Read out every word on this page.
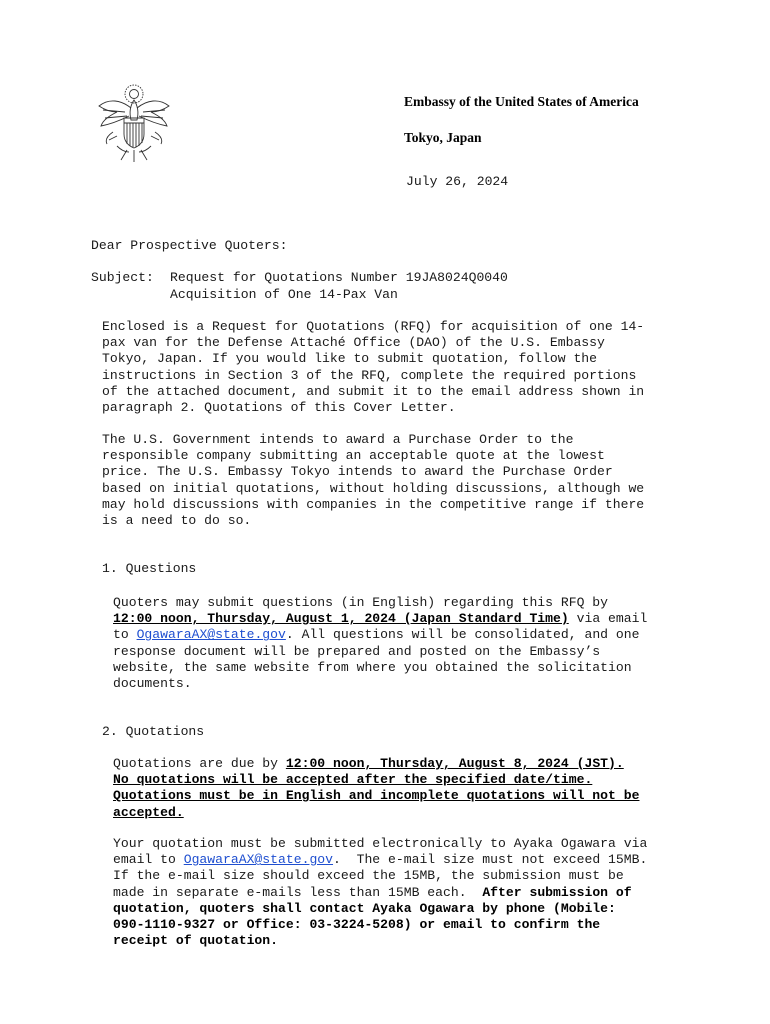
Embassy of the United States of America
Tokyo, Japan
July 26, 2024
Dear Prospective Quoters:
Subject: Request for Quotations Number 19JA8024Q0040
Acquisition of One 14-Pax Van
Enclosed is a Request for Quotations (RFQ) for acquisition of one 14-
pax van for the Defense Attaché Office (DAO) of the U.S. Embassy
Tokyo, Japan. If you would like to submit quotation, follow the
instructions in Section 3 of the RFQ, complete the required portions
of the attached document, and submit it to the email address shown in
paragraph 2. Quotations of this Cover Letter.
The U.S. Government intends to award a Purchase Order to the
responsible company submitting an acceptable quote at the lowest
price. The U.S. Embassy Tokyo intends to award the Purchase Order
based on initial quotations, without holding discussions, although we
may hold discussions with companies in the competitive range if there
is a need to do so.
1. Questions
Quoters may submit questions (in English) regarding this RFQ by
12:00 noon, Thursday, August 1, 2024 (Japan Standard Time) via email
to OgawaraAX@state.gov. All questions will be consolidated, and one
response document will be prepared and posted on the Embassy’s
website, the same website from where you obtained the solicitation
documents.
2. Quotations
Quotations are due by 12:00 noon, Thursday, August 8, 2024 (JST).
No quotations will be accepted after the specified date/time.
Quotations must be in English and incomplete quotations will not be
accepted.
Your quotation must be submitted electronically to Ayaka Ogawara via
email to OgawaraAX@state.gov.  The e-mail size must not exceed 15MB.
If the e-mail size should exceed the 15MB, the submission must be
made in separate e-mails less than 15MB each.  After submission of
quotation, quoters shall contact Ayaka Ogawara by phone (Mobile:
090-1110-9327 or Office: 03-3224-5208) or email to confirm the
receipt of quotation.
